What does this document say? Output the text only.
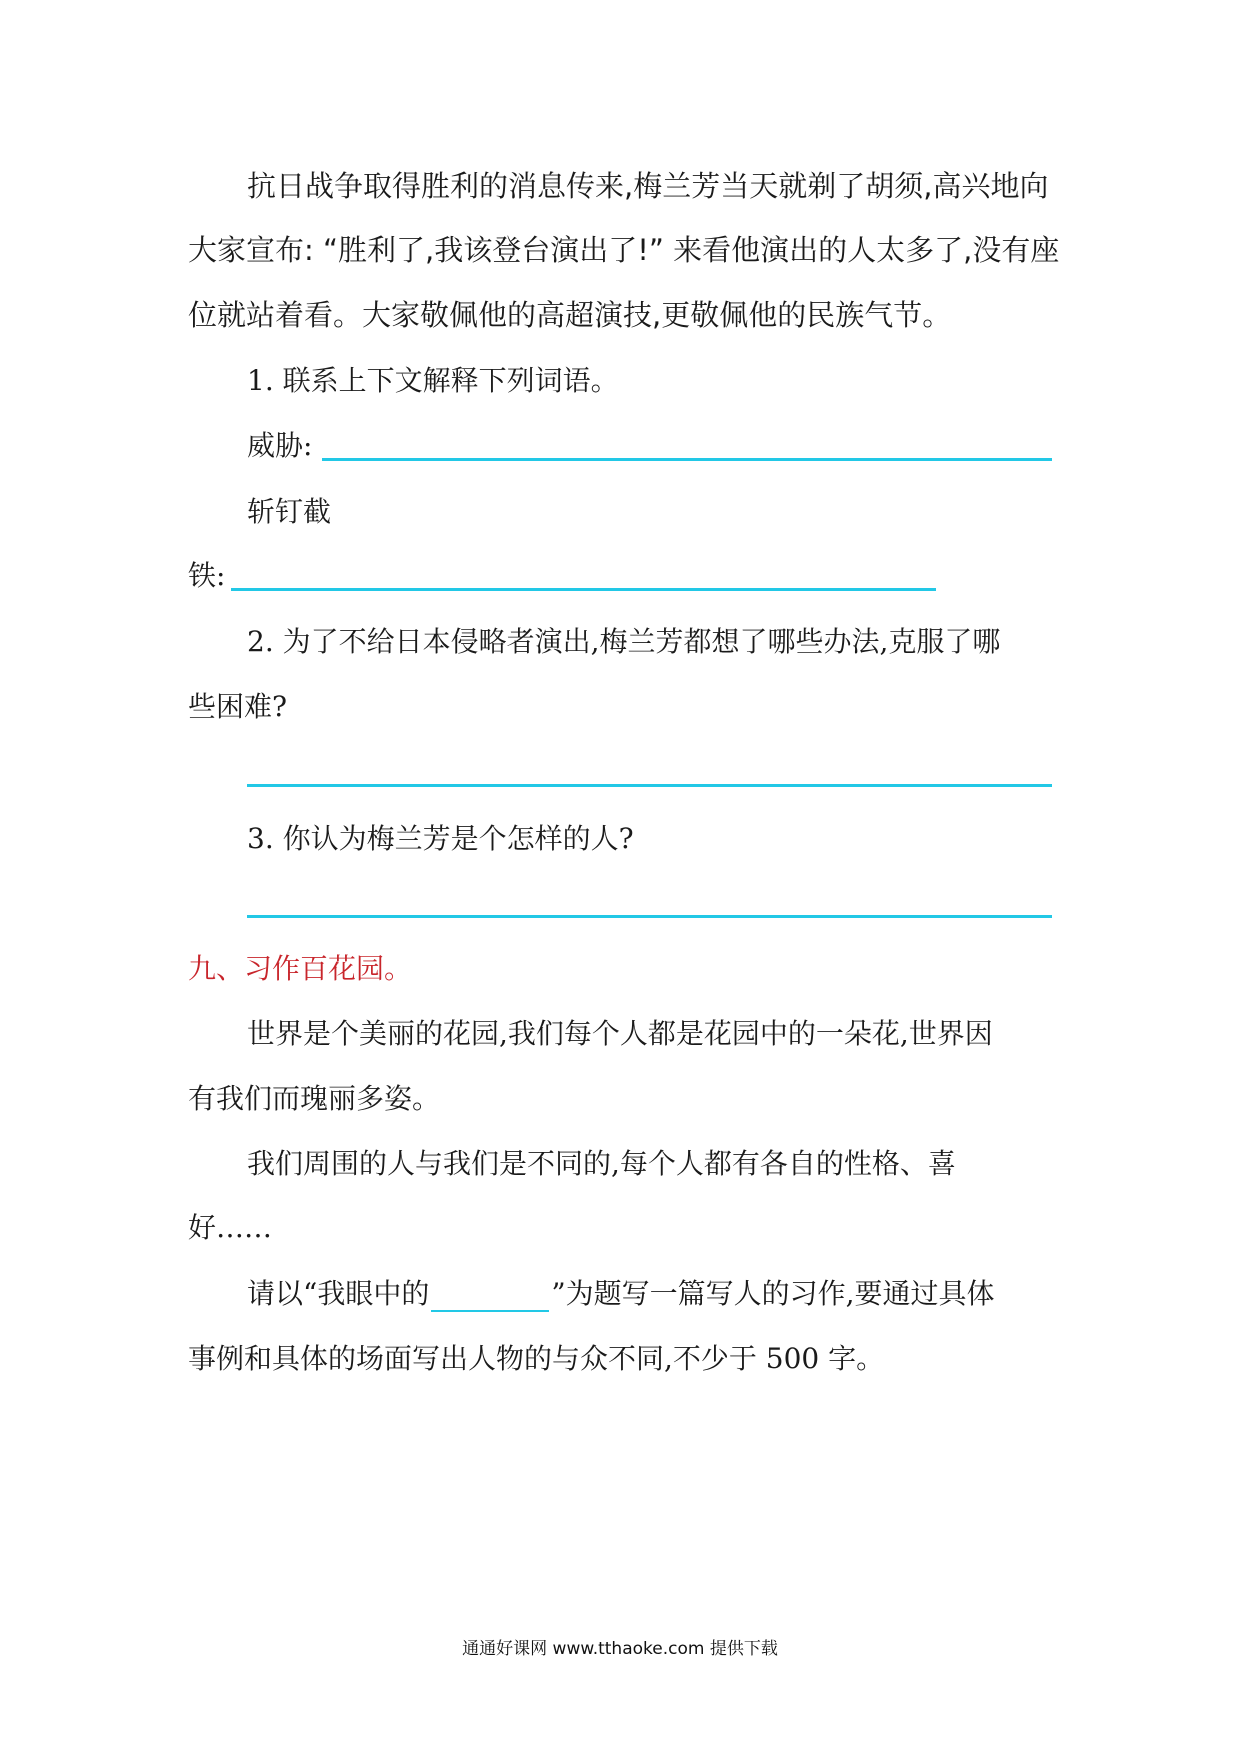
抗日战争取得胜利的消息传来,梅兰芳当天就剃了胡须,高兴地向
大家宣布: “胜利了,我该登台演出了!” 来看他演出的人太多了,没有座
位就站着看。大家敬佩他的高超演技,更敬佩他的民族气节。
1. 联系上下文解释下列词语。
威胁:
斩钉截
铁:
2. 为了不给日本侵略者演出,梅兰芳都想了哪些办法,克服了哪
些困难?
3. 你认为梅兰芳是个怎样的人?
九、习作百花园。
世界是个美丽的花园,我们每个人都是花园中的一朵花,世界因
有我们而瑰丽多姿。
我们周围的人与我们是不同的,每个人都有各自的性格、喜
好……
请以“我眼中的	”为题写一篇写人的习作,要通过具体
事例和具体的场面写出人物的与众不同,不少于 500 字。
通通好课网 www.tthaoke.com 提供下载
